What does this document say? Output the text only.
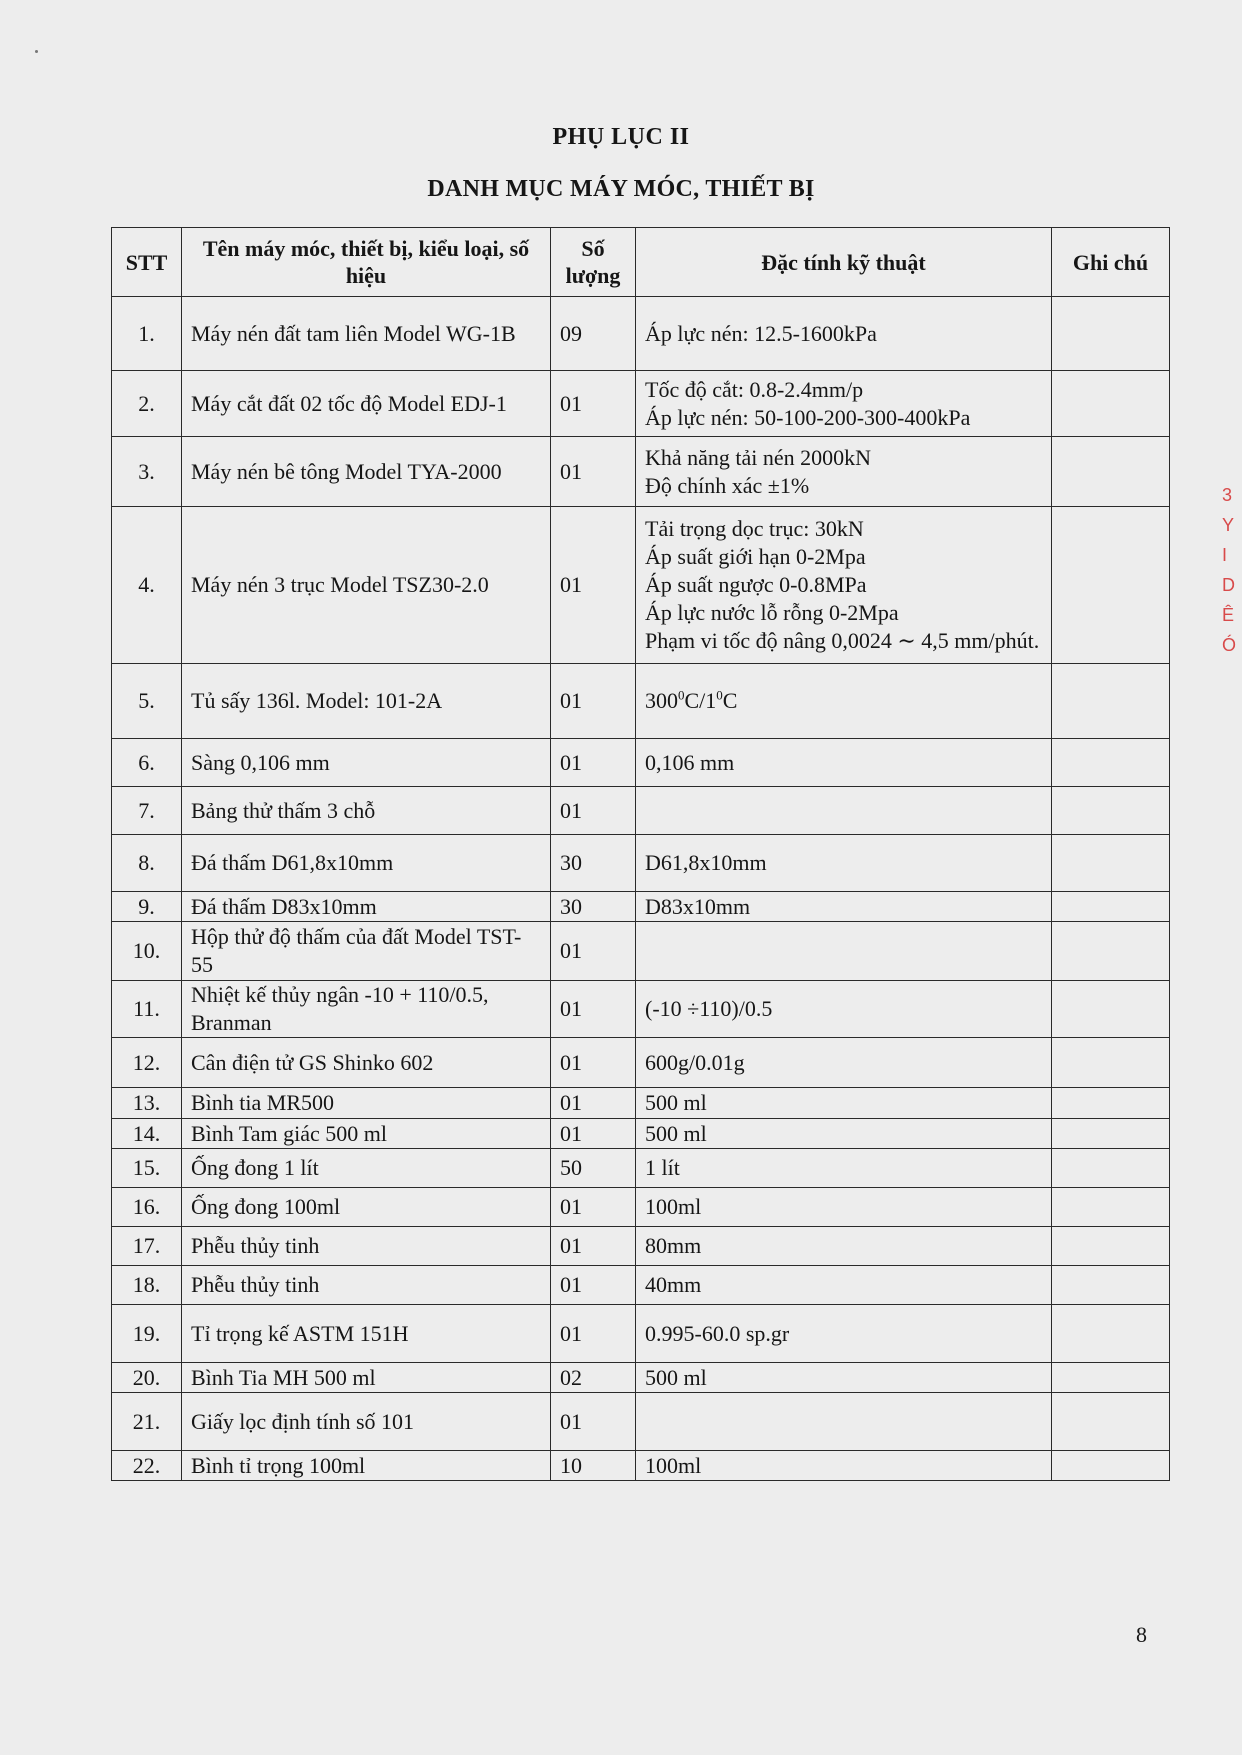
PHỤ LỤC II
DANH MỤC MÁY MÓC, THIẾT BỊ
STT	Tên máy móc, thiết bị, kiểu loại, số hiệu	Số lượng	Đặc tính kỹ thuật	Ghi chú
1.	Máy nén đất tam liên Model WG-1B	09	Áp lực nén: 12.5-1600kPa	

2.	Máy cắt đất 02 tốc độ Model EDJ-1	01	Tốc độ cắt: 0.8-2.4mm/p
Áp lực nén: 50-100-200-300-400kPa	

3.	Máy nén bê tông Model TYA-2000	01	Khả năng tải nén 2000kN
Độ chính xác ±1%	

4.	Máy nén 3 trục Model TSZ30-2.0	01	Tải trọng dọc trục: 30kN
Áp suất giới hạn 0-2Mpa
Áp suất ngược 0-0.8MPa
Áp lực nước lỗ rỗng 0-2Mpa
Phạm vi tốc độ nâng 0,0024 ∼ 4,5 mm/phút.	

5.	Tủ sấy 136l. Model: 101-2A	01	$300^0C/1^0C$	
6.	Sàng 0,106 mm	01	0,106 mm	

7.	Bảng thử thấm 3 chỗ	01		
8.	Đá thấm D61,8x10mm	30	D61,8x10mm	

9.	Đá thấm D83x10mm	30	D83x10mm	

10.	Hộp thử độ thấm của đất Model TST-55	01		
11.	Nhiệt kế thủy ngân -10 + 110/0.5, Branman	01	(-10 ÷110)/0.5	

12.	Cân điện tử GS Shinko 602	01	600g/0.01g	

13.	Bình tia MR500	01	500 ml	

14.	Bình Tam giác 500 ml	01	500 ml	

15.	Ống đong 1 lít	50	1 lít	

16.	Ống đong 100ml	01	100ml	

17.	Phễu thủy tinh	01	80mm	

18.	Phễu thủy tinh	01	40mm	

19.	Tỉ trọng kế ASTM 151H	01	0.995-60.0 sp.gr	

20.	Bình Tia MH 500 ml	02	500 ml	

21.	Giấy lọc định tính số 101	01		
22.	Bình tỉ trọng 100ml	10	100ml	

3
Y
I
D
Ê
Ó
8
